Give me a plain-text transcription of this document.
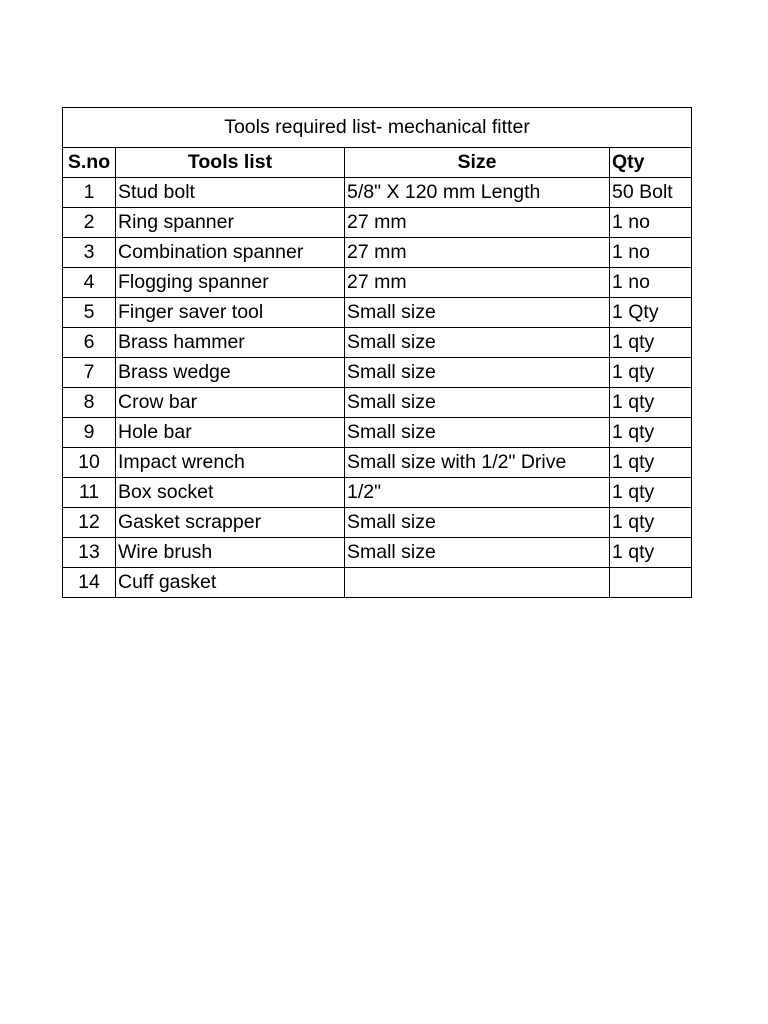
Tools required list- mechanical fitter			
S.no	Tools list	Size	Qty
1	Stud bolt	5/8" X 120 mm Length	50 Bolt
2	Ring spanner	27 mm	1 no
3	Combination spanner	27 mm	1 no
4	Flogging spanner	27 mm	1 no
5	Finger saver tool	Small size	1 Qty
6	Brass hammer	Small size	1 qty
7	Brass wedge	Small size	1 qty
8	Crow bar	Small size	1 qty
9	Hole bar	Small size	1 qty
10	Impact wrench	Small size with 1/2" Drive	1 qty
11	Box socket	1/2"	1 qty
12	Gasket scrapper	Small size	1 qty
13	Wire brush	Small size	1 qty
14	Cuff gasket		
